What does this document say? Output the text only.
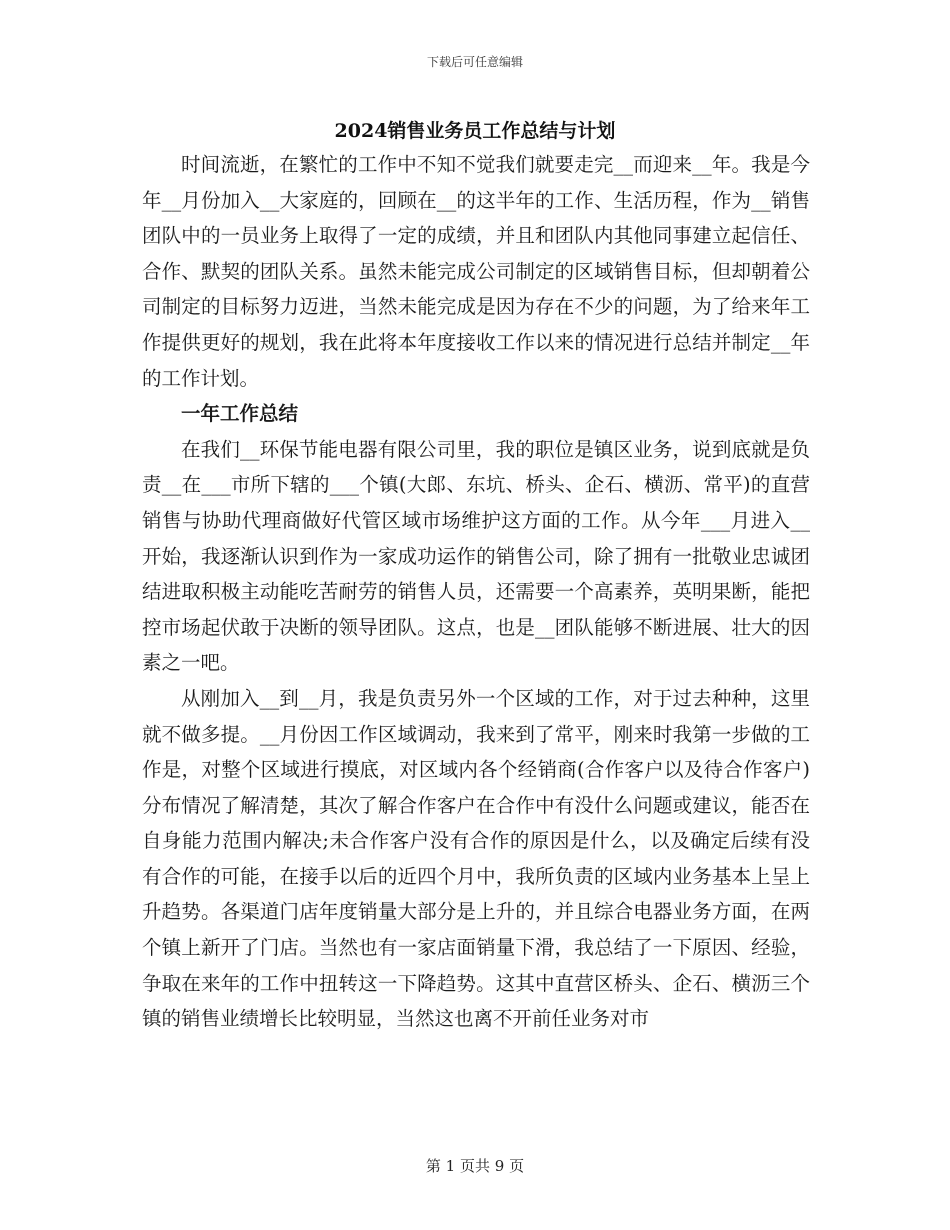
下载后可任意编辑
2024销售业务员工作总结与计划

时间流逝，在繁忙的工作中不知不觉我们就要走完__而迎来__年。我是今年__月份加入__大家庭的，回顾在__的这半年的工作、生活历程，作为__销售团队中的一员业务上取得了一定的成绩，并且和团队内其他同事建立起信任、合作、默契的团队关系。虽然未能完成公司制定的区域销售目标，但却朝着公司制定的目标努力迈进，当然未能完成是因为存在不少的问题，为了给来年工作提供更好的规划，我在此将本年度接收工作以来的情况进行总结并制定__年的工作计划。

一年工作总结

在我们__环保节能电器有限公司里，我的职位是镇区业务，说到底就是负责__在___市所下辖的___个镇(大郎、东坑、桥头、企石、横沥、常平)的直营销售与协助代理商做好代管区域市场维护这方面的工作。从今年___月进入__开始，我逐渐认识到作为一家成功运作的销售公司，除了拥有一批敬业忠诚团结进取积极主动能吃苦耐劳的销售人员，还需要一个高素养，英明果断，能把控市场起伏敢于决断的领导团队。这点，也是__团队能够不断进展、壮大的因素之一吧。

从刚加入__到__月，我是负责另外一个区域的工作，对于过去种种，这里就不做多提。__月份因工作区域调动，我来到了常平，刚来时我第一步做的工作是，对整个区域进行摸底，对区域内各个经销商(合作客户以及待合作客户)分布情况了解清楚，其次了解合作客户在合作中有没什么问题或建议，能否在自身能力范围内解决;未合作客户没有合作的原因是什么，以及确定后续有没有合作的可能，在接手以后的近四个月中，我所负责的区域内业务基本上呈上升趋势。各渠道门店年度销量大部分是上升的，并且综合电器业务方面，在两个镇上新开了门店。当然也有一家店面销量下滑，我总结了一下原因、经验，争取在来年的工作中扭转这一下降趋势。这其中直营区桥头、企石、横沥三个镇的销售业绩增长比较明显，当然这也离不开前任业务对市

第 1 页共 9 页
